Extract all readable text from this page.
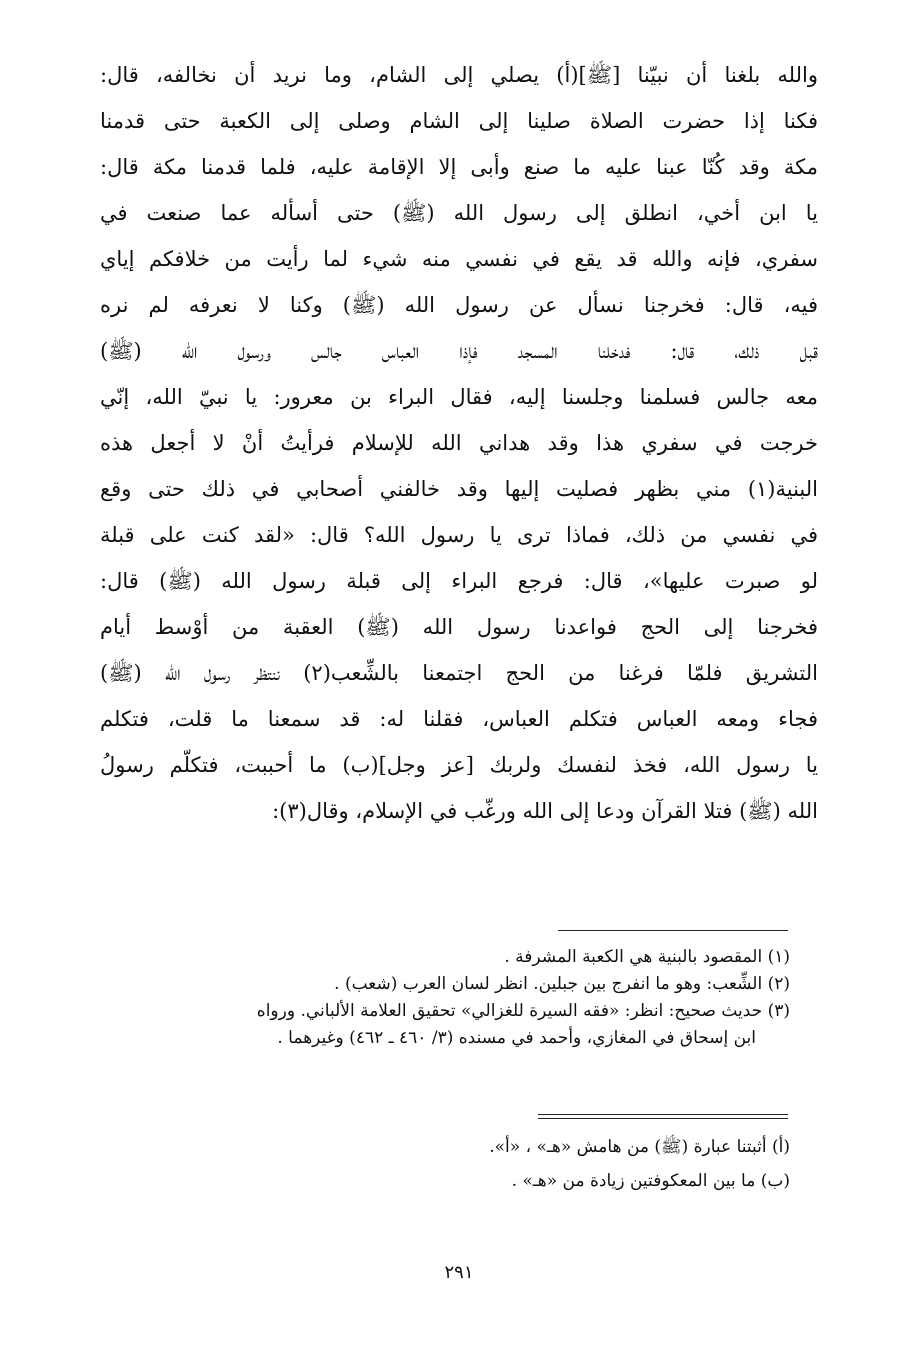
والله بلغنا أن نبيّنا [ﷺ](أ) يصلي إلى الشام، وما نريد أن نخالفه، قال:
فكنا إذا حضرت الصلاة صلينا إلى الشام وصلى إلى الكعبة حتى قدمنا
مكة وقد كُنّا عبنا عليه ما صنع وأبى إلا الإقامة عليه، فلما قدمنا مكة قال:
يا ابن أخي، انطلق إلى رسول الله (ﷺ) حتى أسأله عما صنعت في
سفري، فإنه والله قد يقع في نفسي منه شيء لما رأيت من خلافكم إياي
فيه، قال: فخرجنا نسأل عن رسول الله (ﷺ) وكنا لا نعرفه لم نره
قبل ذلك، قال: فدخلنا المسجد فإذا العباس جالس ورسول الله (ﷺ)
معه جالس فسلمنا وجلسنا إليه، فقال البراء بن معرور: يا نبيّ الله، إنّي
خرجت في سفري هذا وقد هداني الله للإسلام فرأيتُ أنْ لا أجعل هذه
البنية(١) مني بظهر فصليت إليها وقد خالفني أصحابي في ذلك حتى وقع
في نفسي من ذلك، فماذا ترى يا رسول الله؟ قال: «لقد كنت على قبلة
لو صبرت عليها»، قال: فرجع البراء إلى قبلة رسول الله (ﷺ) قال:
فخرجنا إلى الحج فواعدنا رسول الله (ﷺ) العقبة من أوْسط أيام
التشريق فلمّا فرغنا من الحج اجتمعنا بالشِّعب(٢) ننتظر رسول الله (ﷺ)
فجاء ومعه العباس فتكلم العباس، فقلنا له: قد سمعنا ما قلت، فتكلم
يا رسول الله، فخذ لنفسك ولربك [عز وجل](ب) ما أحببت، فتكلّم رسولُ
الله (ﷺ) فتلا القرآن ودعا إلى الله ورغّب في الإسلام، وقال(٣):
(١) المقصود بالبنية هي الكعبة المشرفة .
(٢) الشِّعب: وهو ما انفرج بين جبلين. انظر لسان العرب (شعب) .
(٣) حديث صحيح: انظر: «فقه السيرة للغزالي» تحقيق العلامة الألباني. ورواه
ابن إسحاق في المغازي، وأحمد في مسنده (٣/ ٤٦٠ ـ ٤٦٢) وغيرهما .
(أ) أثبتنا عبارة (ﷺ) من هامش «هـ» ، «أ».
(ب) ما بين المعكوفتين زيادة من «هـ» .
٢٩١
